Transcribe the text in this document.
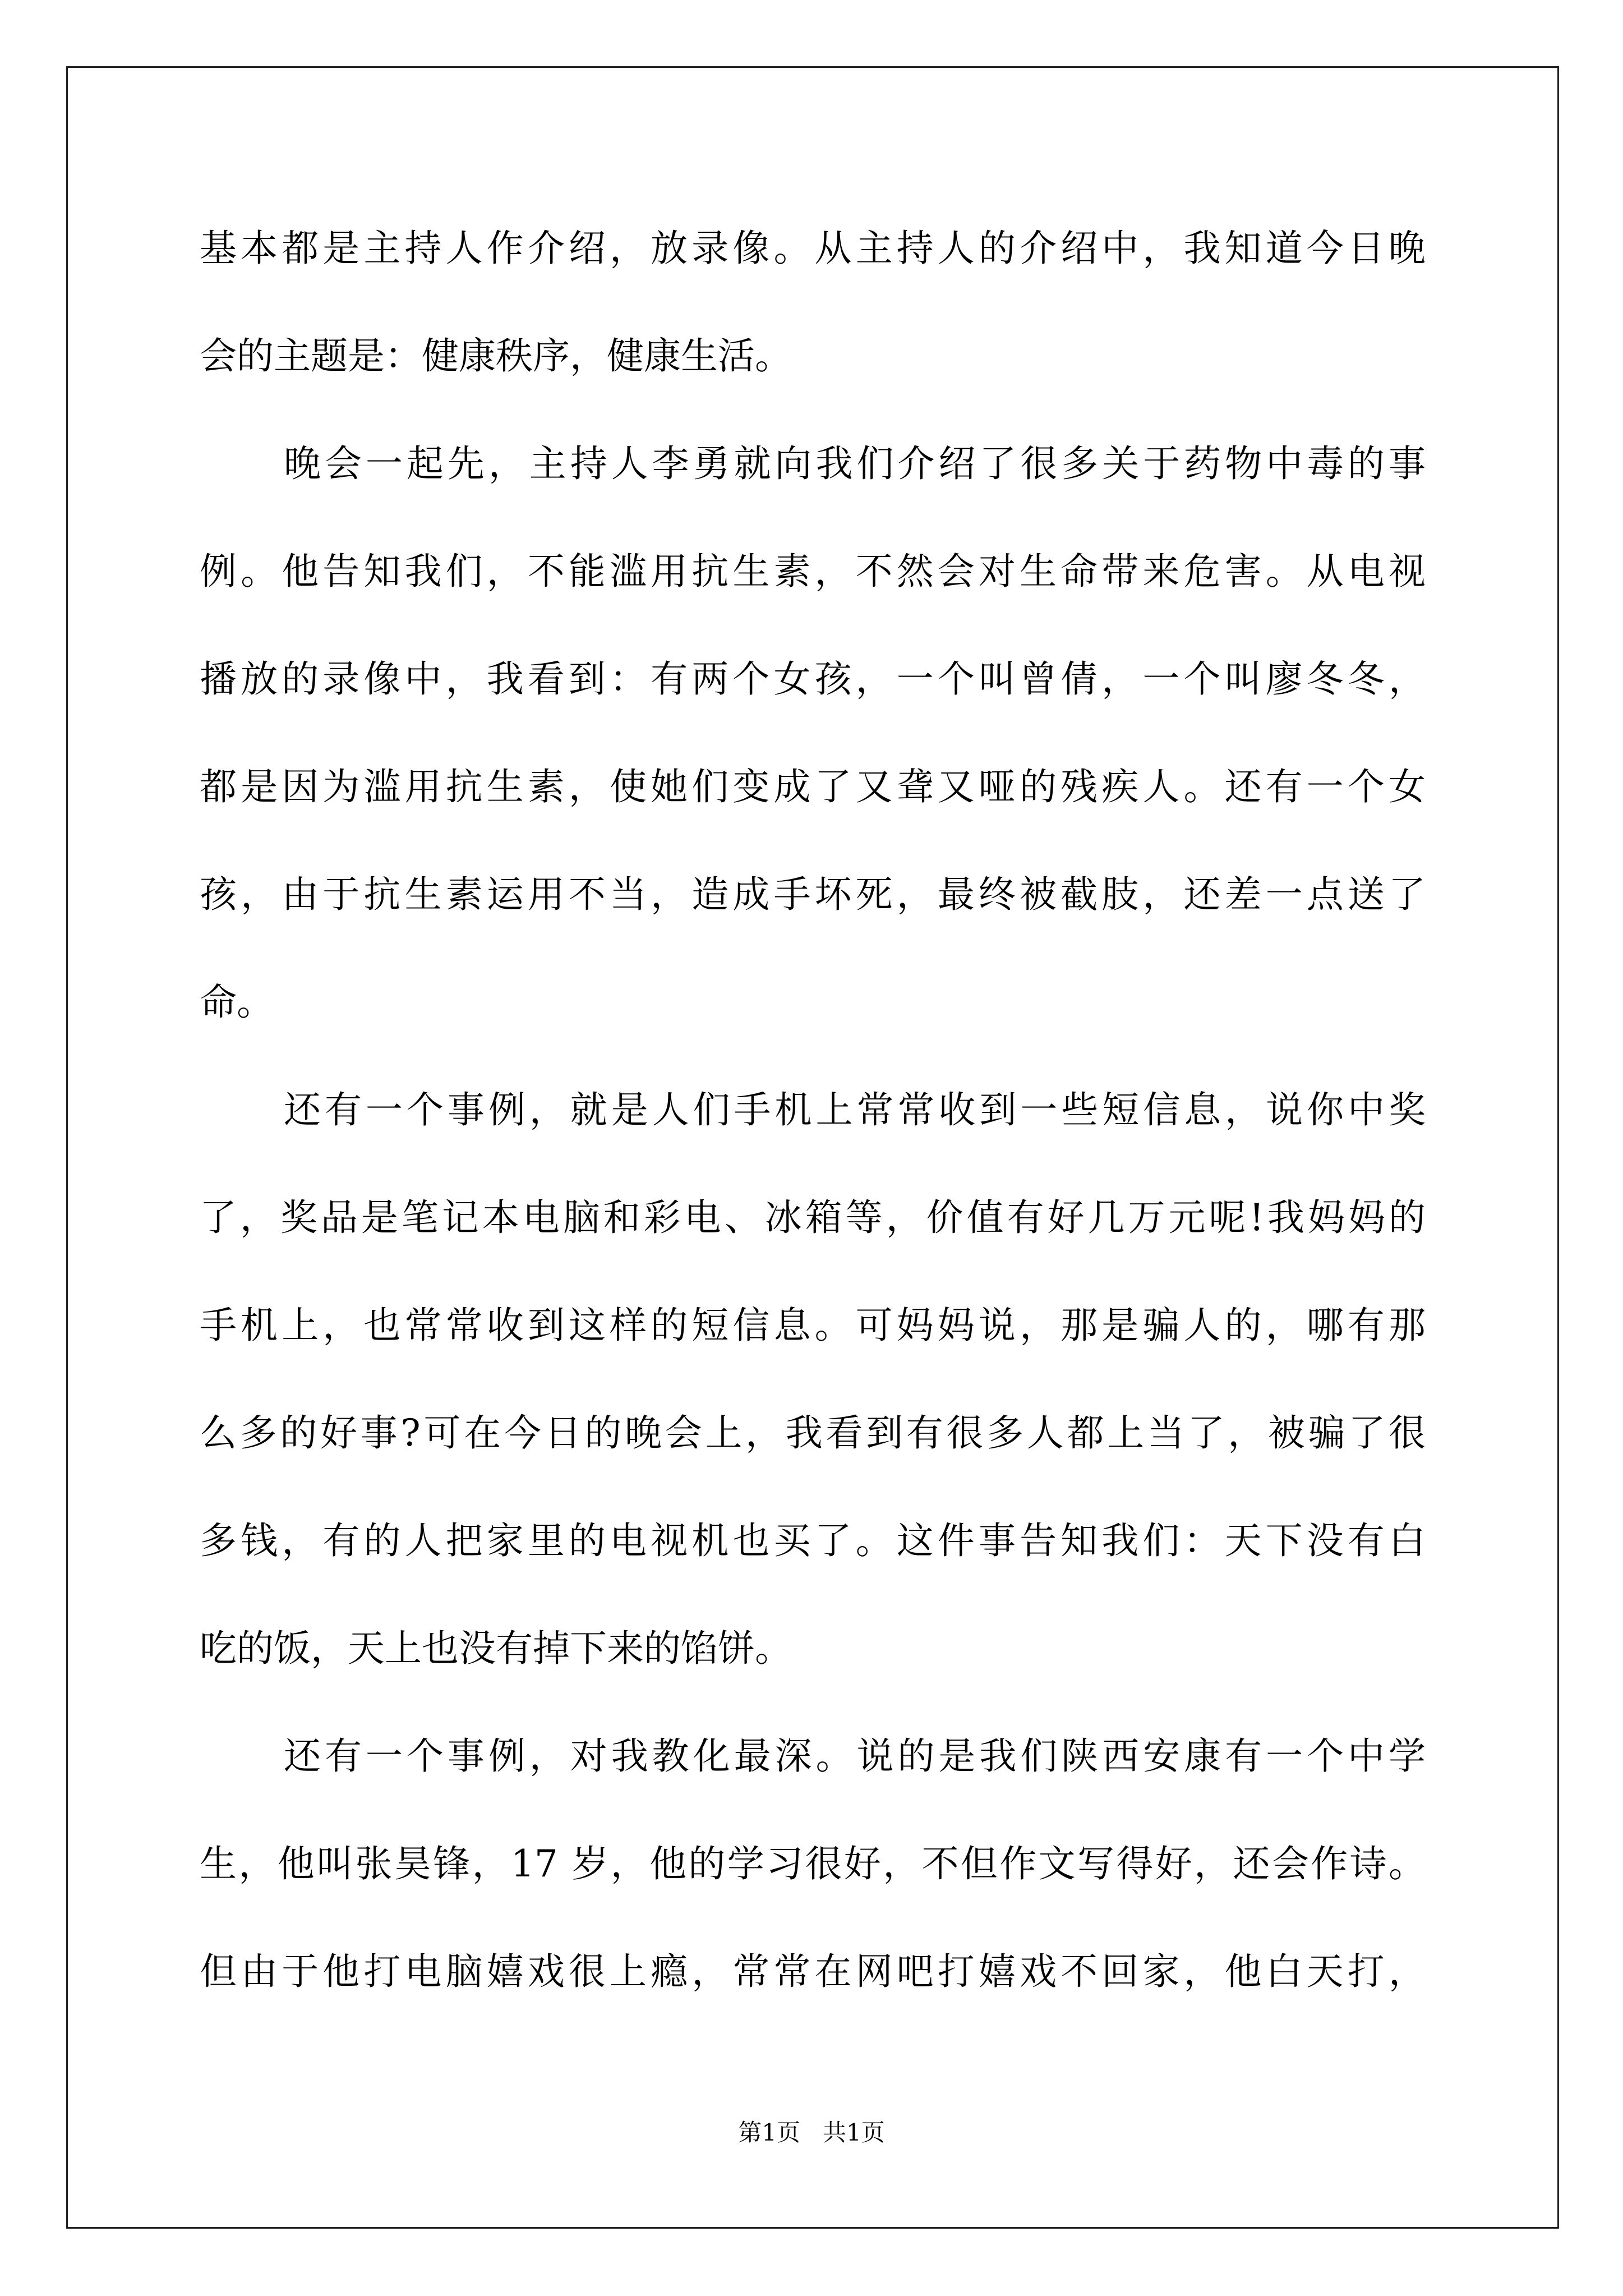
基本都是主持人作介绍，放录像。从主持人的介绍中，我知道今日晚
会的主题是：健康秩序，健康生活。
晚会一起先，主持人李勇就向我们介绍了很多关于药物中毒的事
例。他告知我们，不能滥用抗生素，不然会对生命带来危害。从电视
播放的录像中，我看到：有两个女孩，一个叫曾倩，一个叫廖冬冬，
都是因为滥用抗生素，使她们变成了又聋又哑的残疾人。还有一个女
孩，由于抗生素运用不当，造成手坏死，最终被截肢，还差一点送了
命。
还有一个事例，就是人们手机上常常收到一些短信息，说你中奖
了，奖品是笔记本电脑和彩电、冰箱等，价值有好几万元呢!我妈妈的
手机上，也常常收到这样的短信息。可妈妈说，那是骗人的，哪有那
么多的好事?可在今日的晚会上，我看到有很多人都上当了，被骗了很
多钱，有的人把家里的电视机也买了。这件事告知我们：天下没有白
吃的饭，天上也没有掉下来的馅饼。
还有一个事例，对我教化最深。说的是我们陕西安康有一个中学
生，他叫张昊锋，17 岁，他的学习很好，不但作文写得好，还会作诗。
但由于他打电脑嬉戏很上瘾，常常在网吧打嬉戏不回家，他白天打，
第1页   共1页
